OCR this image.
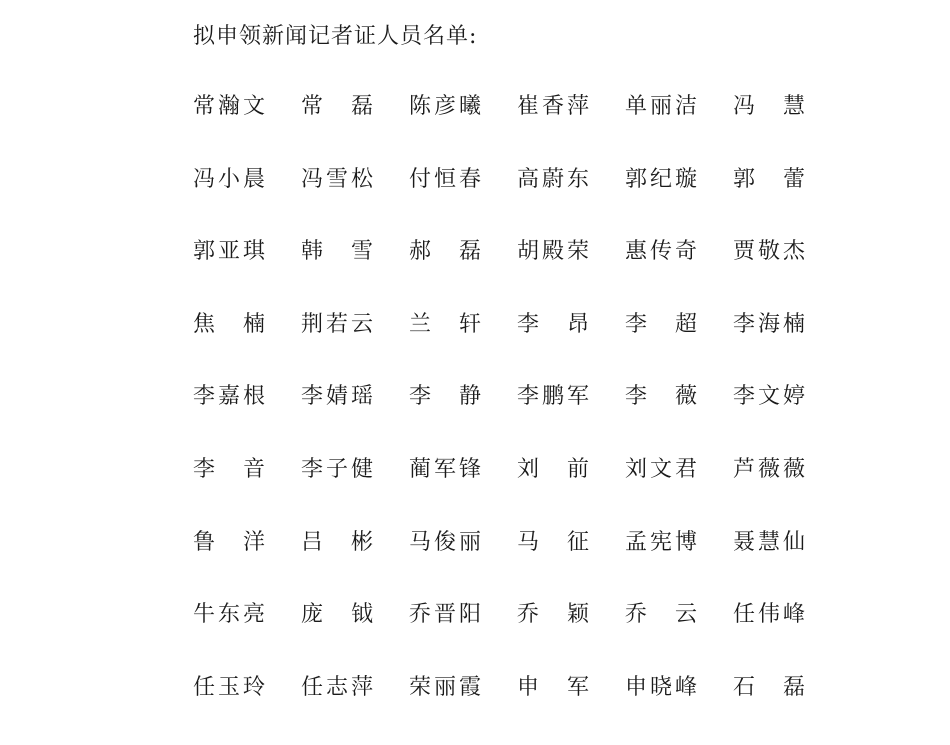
拟申领新闻记者证人员名单:
常 瀚 文 常 磊 陈 彦 曦 崔 香 萍 单 丽 洁 冯 慧
冯 小 晨 冯 雪 松 付 恒 春 高 蔚 东 郭 纪 璇 郭 蕾
郭 亚 琪 韩 雪 郝 磊 胡 殿 荣 惠 传 奇 贾 敬 杰
焦 楠 荆 若 云 兰 轩 李 昂 李 超 李 海 楠
李 嘉 根 李 婧 瑶 李 静 李 鹏 军 李 薇 李 文 婷
李 音 李 子 健 蔺 军 锋 刘 前 刘 文 君 芦 薇 薇
鲁 洋 吕 彬 马 俊 丽 马 征 孟 宪 博 聂 慧 仙
牛 东 亮 庞 钺 乔 晋 阳 乔 颖 乔 云 任 伟 峰
任 玉 玲 任 志 萍 荣 丽 霞 申 军 申 晓 峰 石 磊
